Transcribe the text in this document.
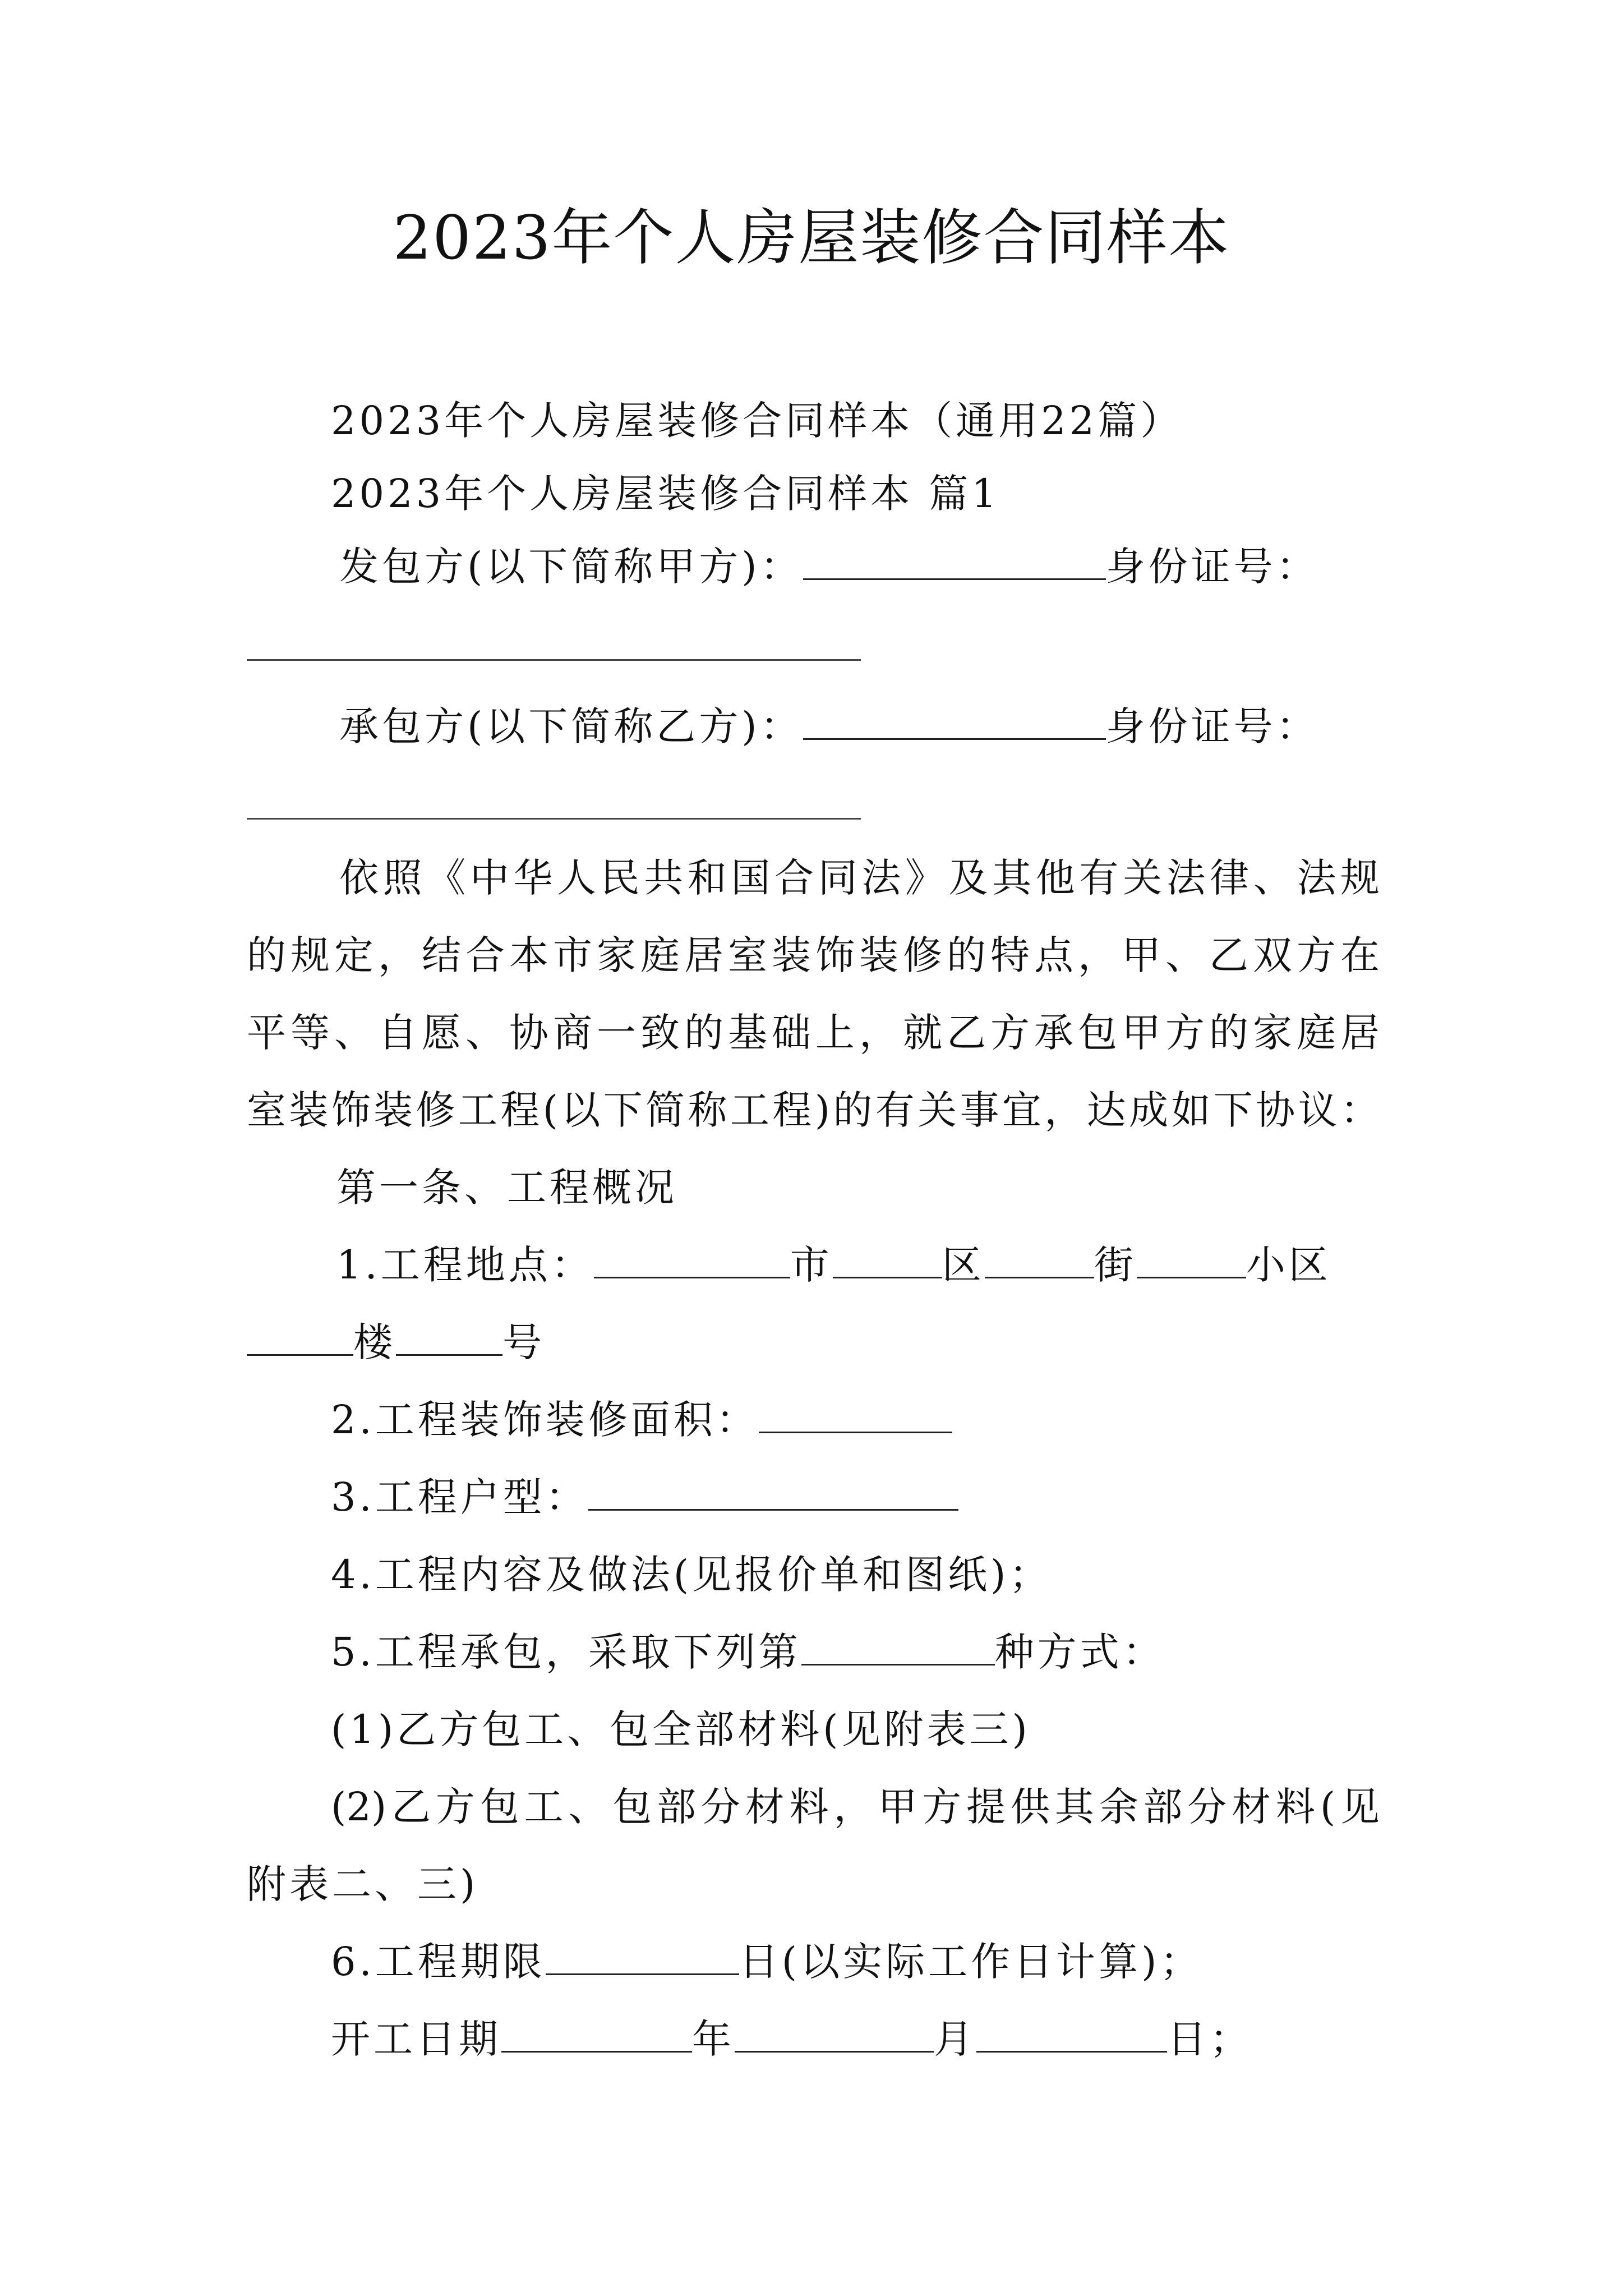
2023年个人房屋装修合同样本
2023年个人房屋装修合同样本（通用22篇）
2023年个人房屋装修合同样本 篇1
发包方(以下简称甲方)：	身份证号：
承包方(以下简称乙方)：	身份证号：
依照《中华人民共和国合同法》及其他有关法律、法规
的规定，结合本市家庭居室装饰装修的特点，甲、乙双方在
平等、自愿、协商一致的基础上，就乙方承包甲方的家庭居
室装饰装修工程(以下简称工程)的有关事宜，达成如下协议：
第一条、工程概况
1.工程地点：	市	区	街	小区
楼	号
2.工程装饰装修面积：
3.工程户型：
4.工程内容及做法(见报价单和图纸)；
5.工程承包，采取下列第	种方式：
(1)乙方包工、包全部材料(见附表三)
(2)乙方包工、包部分材料，甲方提供其余部分材料(见
附表二、三)
6.工程期限	日(以实际工作日计算)；
开工日期	年	月	日；
